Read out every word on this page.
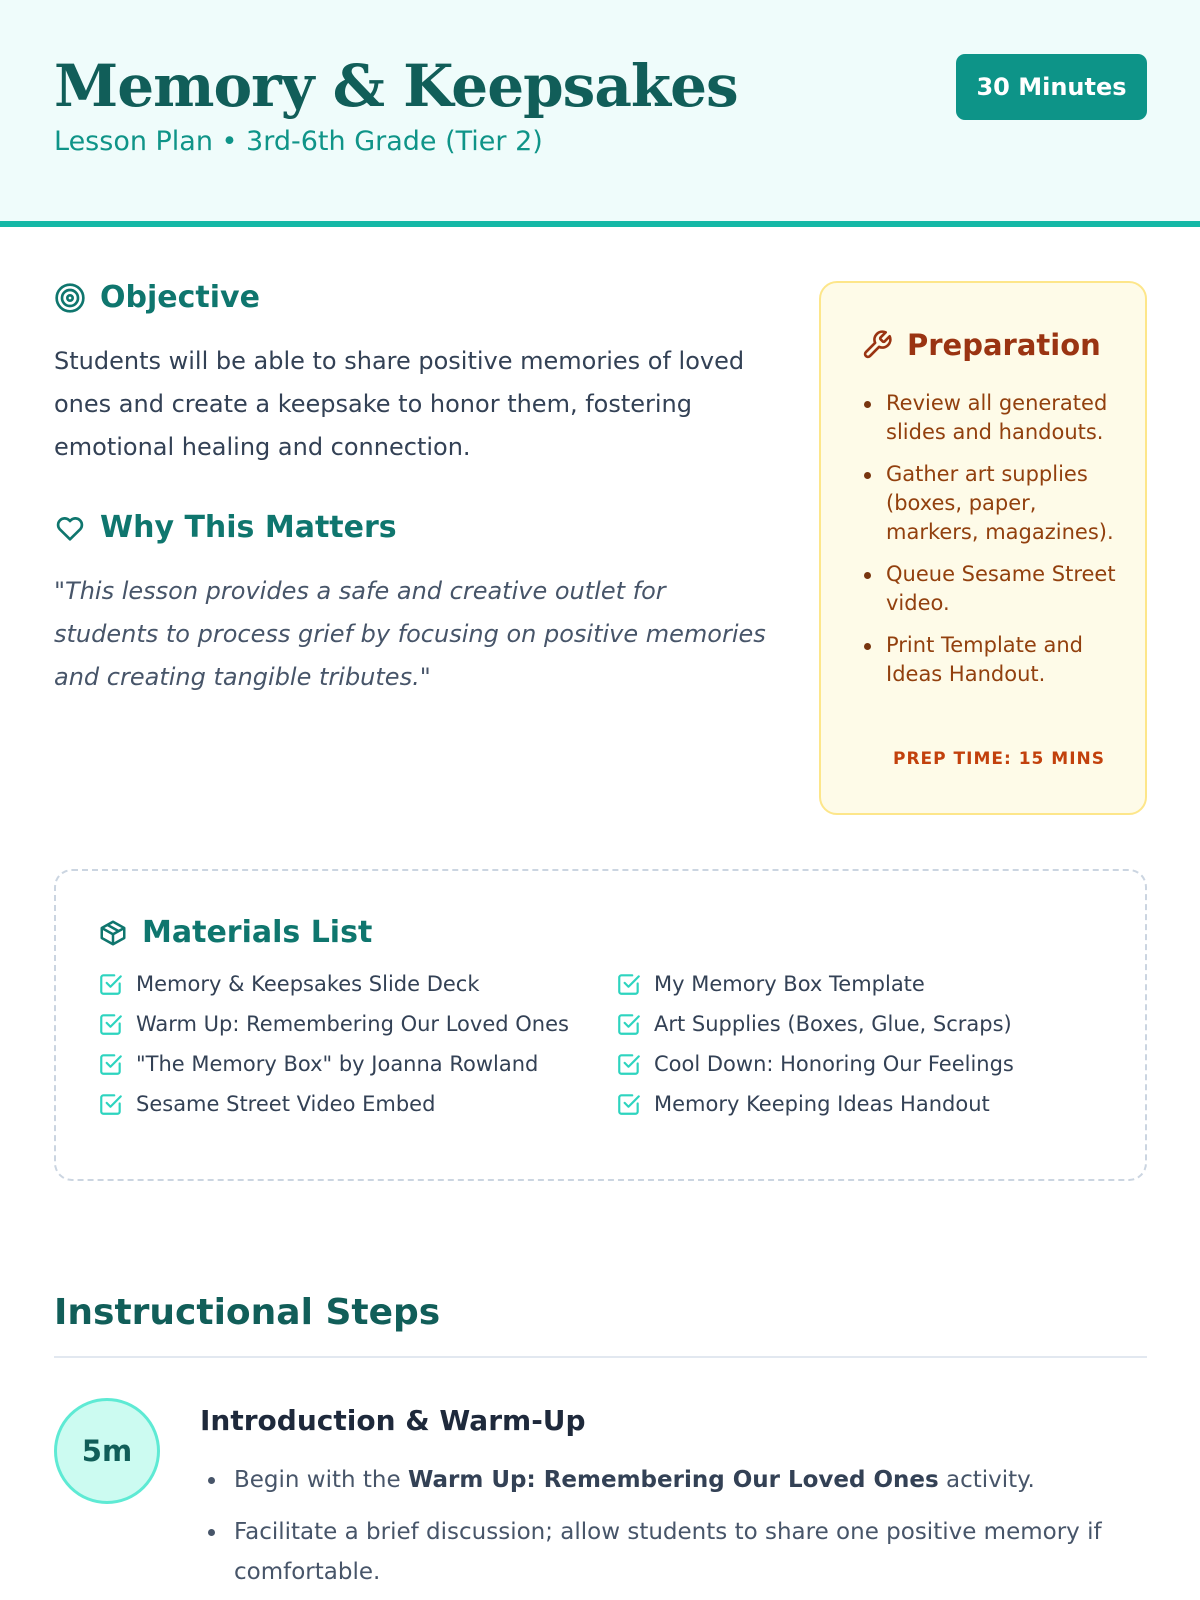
Memory & Keepsakes
Lesson Plan • 3rd-6th Grade (Tier 2)
30 Minutes
Objective

Students will be able to share positive memories of loved ones and create a keepsake to honor them, fostering emotional healing and connection.

Why This Matters

"This lesson provides a safe and creative outlet for students to process grief by focusing on positive memories and creating tangible tributes."

Preparation
Review all generated slides and handouts.
Gather art supplies (boxes, paper, markers, magazines).
Queue Sesame Street video.
Print Template and Ideas Handout.
PREP TIME: 15 MINS
Materials List
Memory & Keepsakes Slide Deck
Warm Up: Remembering Our Loved Ones
"The Memory Box" by Joanna Rowland
Sesame Street Video Embed
My Memory Box Template
Art Supplies (Boxes, Glue, Scraps)
Cool Down: Honoring Our Feelings
Memory Keeping Ideas Handout
Instructional Steps
5m
Introduction & Warm-Up
Begin with the Warm Up: Remembering Our Loved Ones activity.
Facilitate a brief discussion; allow students to share one positive memory if comfortable.
